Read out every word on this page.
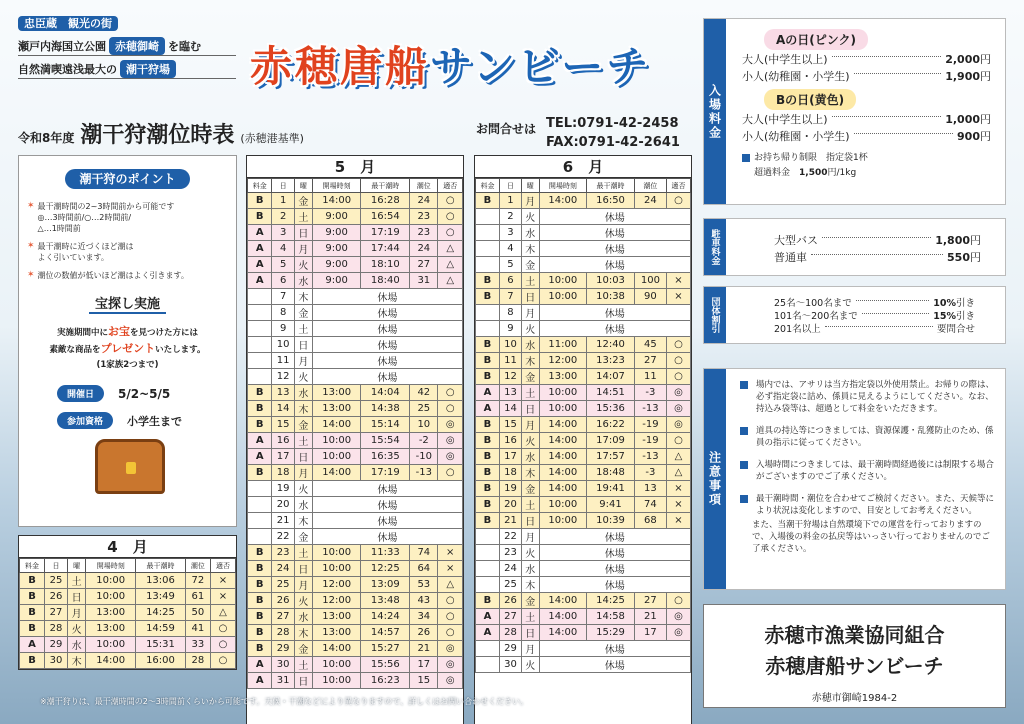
忠臣蔵　観光の街
瀬戸内海国立公園 赤穂御崎 を臨む
自然満喫遠浅最大の 潮干狩場 赤穂唐船サンビーチ
令和8年度 潮干狩潮位時表 (赤穂港基準)
お問合せは TEL:0791-42-2458
FAX:0791-42-2641
潮干狩のポイント
✶ 最干潮時間の2~3時間前から可能です
◎…3時間前/○…2時間前/
△…1時間前
✶ 最干潮時に近づくほど潮は
よく引いています。
✶ 潮位の数値が低いほど潮はよく引きます。
宝探し実施
実施期間中にお宝を見つけた方には
素敵な商品をプレゼントいたします。
(1家族2つまで)
開催日	5/2~5/5
参加資格	小学生まで
4　月
料金	日	曜	開場時刻	最干潮時	潮位	適否
B	25	土	10:00	13:06	72	×
B	26	日	10:00	13:49	61	×
B	27	月	13:00	14:25	50	△
B	28	火	13:00	14:59	41	○
A	29	水	10:00	15:31	33	○
B	30	木	14:00	16:00	28	○
5　月
料金	日	曜	開場時刻	最干潮時	潮位	適否
B	1	金	14:00	16:28	24	○
B	2	土	9:00	16:54	23	○
A	3	日	9:00	17:19	23	○
A	4	月	9:00	17:44	24	△
A	5	火	9:00	18:10	27	△
A	6	水	9:00	18:40	31	△
	7	木	休場			
	8	金	休場			
	9	土	休場			
	10	日	休場			
	11	月	休場			
	12	火	休場			
B	13	水	13:00	14:04	42	○
B	14	木	13:00	14:38	25	○
B	15	金	14:00	15:14	10	◎
A	16	土	10:00	15:54	-2	◎
A	17	日	10:00	16:35	-10	◎
B	18	月	14:00	17:19	-13	○
	19	火	休場			
	20	水	休場			
	21	木	休場			
	22	金	休場			
B	23	土	10:00	11:33	74	×
B	24	日	10:00	12:25	64	×
B	25	月	12:00	13:09	53	△
B	26	火	12:00	13:48	43	○
B	27	水	13:00	14:24	34	○
B	28	木	13:00	14:57	26	○
B	29	金	14:00	15:27	21	◎
A	30	土	10:00	15:56	17	◎
A	31	日	10:00	16:23	15	◎
6　月
料金	日	曜	開場時刻	最干潮時	潮位	適否
B	1	月	14:00	16:50	24	○
	2	火	休場			
	3	水	休場			
	4	木	休場			
	5	金	休場			
B	6	土	10:00	10:03	100	×
B	7	日	10:00	10:38	90	×
	8	月	休場			
	9	火	休場			
B	10	水	11:00	12:40	45	○
B	11	木	12:00	13:23	27	○
B	12	金	13:00	14:07	11	○
A	13	土	10:00	14:51	-3	◎
A	14	日	10:00	15:36	-13	◎
B	15	月	14:00	16:22	-19	◎
B	16	火	14:00	17:09	-19	○
B	17	水	14:00	17:57	-13	△
B	18	木	14:00	18:48	-3	△
B	19	金	14:00	19:41	13	×
B	20	土	10:00	9:41	74	×
B	21	日	10:00	10:39	68	×
	22	月	休場			
	23	火	休場			
	24	水	休場			
	25	木	休場			
B	26	金	14:00	14:25	27	○
A	27	土	14:00	14:58	21	◎
A	28	日	14:00	15:29	17	◎
	29	月	休場			
	30	火	休場			
入場料金
Aの日(ピンク)
大人(中学生以上)	2,000円
小人(幼稚園・小学生)	1,900円
Bの日(黄色)
大人(中学生以上)	1,000円
小人(幼稚園・小学生)	900円
お持ち帰り制限　指定袋1杯
超過料金　 1,500円/1kg
駐車料金	大型バス	1,800円
普通車	550円
団体割引	25名～100名まで	10%引き
101名～200名まで	15%引き
201名以上	要問合せ
注意事項
場内では、アサリは当方指定袋以外使用禁止。お帰りの際は、必ず指定袋に詰め、係員に見えるようにしてください。なお、持込み袋等は、超過として料金をいただきます。
道具の持込等につきましては、資源保護・乱獲防止のため、係員の指示に従ってください。
入場時間につきましては、最干潮時間経過後には制限する場合がございますのでご了承ください。
最干潮時間・潮位を合わせてご検討ください。また、天候等により状況は変化しますので、目安としてお考えください。
また、当潮干狩場は自然環境下での運営を行っておりますので、入場後の料金の払戻等はいっさい行っておりませんのでご了承ください。
赤穂市漁業協同組合
赤穂唐船サンビーチ
赤穂市御崎1984-2
※潮干狩りは、最干潮時間の2～3時間前くらいから可能です。天候・干潮などにより異なりますので、詳しくはお問い合わせください。
